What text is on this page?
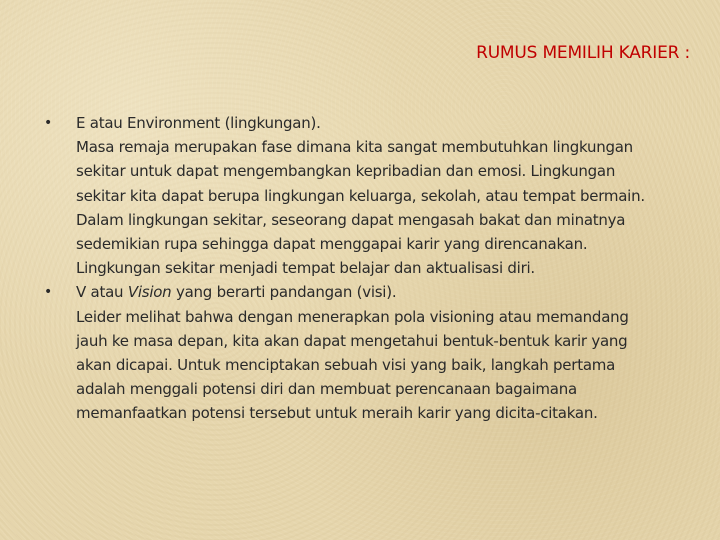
RUMUS MEMILIH KARIER :
•	E atau Environment (lingkungan).
Masa remaja merupakan fase dimana kita sangat membutuhkan lingkungan
sekitar untuk dapat mengembangkan kepribadian dan emosi. Lingkungan
sekitar kita dapat berupa lingkungan keluarga, sekolah, atau tempat bermain.
Dalam lingkungan sekitar, seseorang dapat mengasah bakat dan minatnya
sedemikian rupa sehingga dapat menggapai karir yang direncanakan.
Lingkungan sekitar menjadi tempat belajar dan aktualisasi diri.
•	V atau Vision yang berarti pandangan (visi).
Leider melihat bahwa dengan menerapkan pola visioning atau memandang
jauh ke masa depan, kita akan dapat mengetahui bentuk-bentuk karir yang
akan dicapai. Untuk menciptakan sebuah visi yang baik, langkah pertama
adalah menggali potensi diri dan membuat perencanaan bagaimana
memanfaatkan potensi tersebut untuk meraih karir yang dicita-citakan.
